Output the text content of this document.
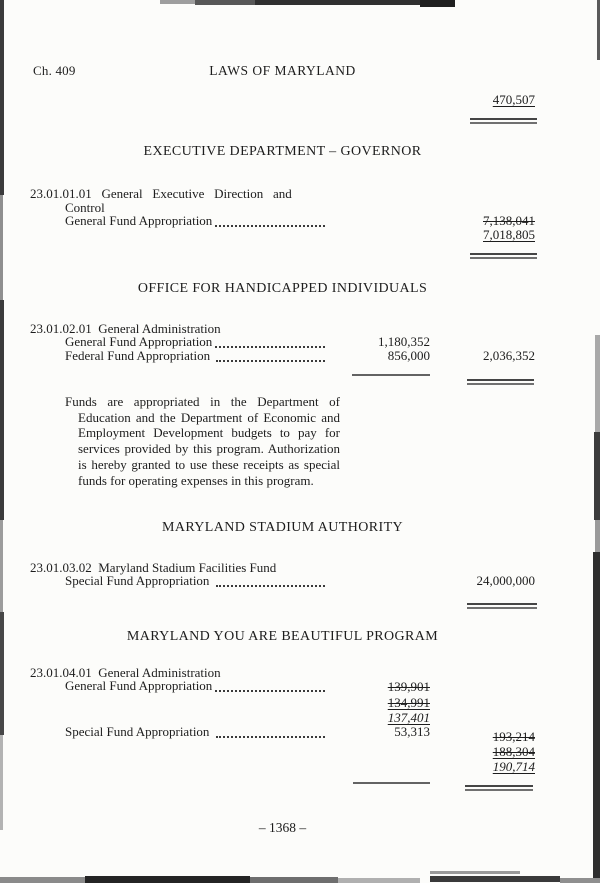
Ch. 409	LAWS OF MARYLAND
470,507
EXECUTIVE DEPARTMENT – GOVERNOR
23.01.01.01 General Executive Direction and
Control
General Fund Appropriation	7,138,041
7,018,805
OFFICE FOR HANDICAPPED INDIVIDUALS
23.01.02.01  General Administration
General Fund Appropriation	1,180,352
Federal Fund Appropriation	856,000	2,036,352
Funds are appropriated in the Department of Education and the Department of Economic and Employment Development budgets to pay for services provided by this program. Authorization is hereby granted to use these receipts as special funds for operating expenses in this program.
MARYLAND STADIUM AUTHORITY
23.01.03.02  Maryland Stadium Facilities Fund
Special Fund Appropriation	24,000,000
MARYLAND YOU ARE BEAUTIFUL PROGRAM
23.01.04.01  General Administration
General Fund Appropriation	139,901
134,991
137,401
Special Fund Appropriation	53,313	193,214
188,304
190,714
– 1368 –
